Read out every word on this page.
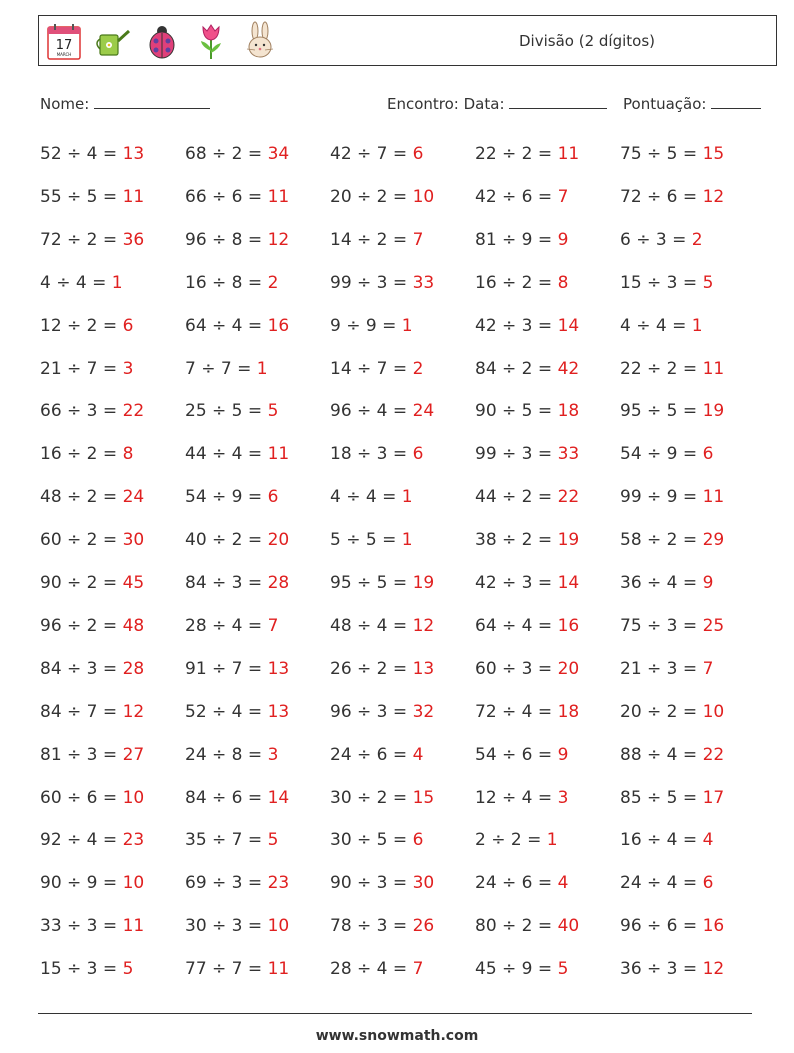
17
MARCH
Divisão (2 dígitos)
Nome:	Encontro: Data:	Pontuação:
52 ÷ 4 = 13 68 ÷ 2 = 34 42 ÷ 7 = 6	22 ÷ 2 = 11 75 ÷ 5 = 15
55 ÷ 5 = 11 66 ÷ 6 = 11 20 ÷ 2 = 10 42 ÷ 6 = 7	72 ÷ 6 = 12
72 ÷ 2 = 36 96 ÷ 8 = 12 14 ÷ 2 = 7	81 ÷ 9 = 9	6 ÷ 3 = 2
4 ÷ 4 = 1	16 ÷ 8 = 2	99 ÷ 3 = 33 16 ÷ 2 = 8	15 ÷ 3 = 5
12 ÷ 2 = 6	64 ÷ 4 = 16 9 ÷ 9 = 1	42 ÷ 3 = 14 4 ÷ 4 = 1
21 ÷ 7 = 3	7 ÷ 7 = 1	14 ÷ 7 = 2	84 ÷ 2 = 42 22 ÷ 2 = 11
66 ÷ 3 = 22 25 ÷ 5 = 5	96 ÷ 4 = 24 90 ÷ 5 = 18 95 ÷ 5 = 19
16 ÷ 2 = 8	44 ÷ 4 = 11 18 ÷ 3 = 6	99 ÷ 3 = 33 54 ÷ 9 = 6
48 ÷ 2 = 24 54 ÷ 9 = 6	4 ÷ 4 = 1	44 ÷ 2 = 22 99 ÷ 9 = 11
60 ÷ 2 = 30 40 ÷ 2 = 20 5 ÷ 5 = 1	38 ÷ 2 = 19 58 ÷ 2 = 29
90 ÷ 2 = 45 84 ÷ 3 = 28 95 ÷ 5 = 19 42 ÷ 3 = 14 36 ÷ 4 = 9
96 ÷ 2 = 48 28 ÷ 4 = 7	48 ÷ 4 = 12 64 ÷ 4 = 16 75 ÷ 3 = 25
84 ÷ 3 = 28 91 ÷ 7 = 13 26 ÷ 2 = 13 60 ÷ 3 = 20 21 ÷ 3 = 7
84 ÷ 7 = 12 52 ÷ 4 = 13 96 ÷ 3 = 32 72 ÷ 4 = 18 20 ÷ 2 = 10
81 ÷ 3 = 27 24 ÷ 8 = 3	24 ÷ 6 = 4	54 ÷ 6 = 9	88 ÷ 4 = 22
60 ÷ 6 = 10 84 ÷ 6 = 14 30 ÷ 2 = 15 12 ÷ 4 = 3	85 ÷ 5 = 17
92 ÷ 4 = 23 35 ÷ 7 = 5	30 ÷ 5 = 6	2 ÷ 2 = 1	16 ÷ 4 = 4
90 ÷ 9 = 10 69 ÷ 3 = 23 90 ÷ 3 = 30 24 ÷ 6 = 4	24 ÷ 4 = 6
33 ÷ 3 = 11 30 ÷ 3 = 10 78 ÷ 3 = 26 80 ÷ 2 = 40 96 ÷ 6 = 16
15 ÷ 3 = 5	77 ÷ 7 = 11 28 ÷ 4 = 7	45 ÷ 9 = 5	36 ÷ 3 = 12
www.snowmath.com
